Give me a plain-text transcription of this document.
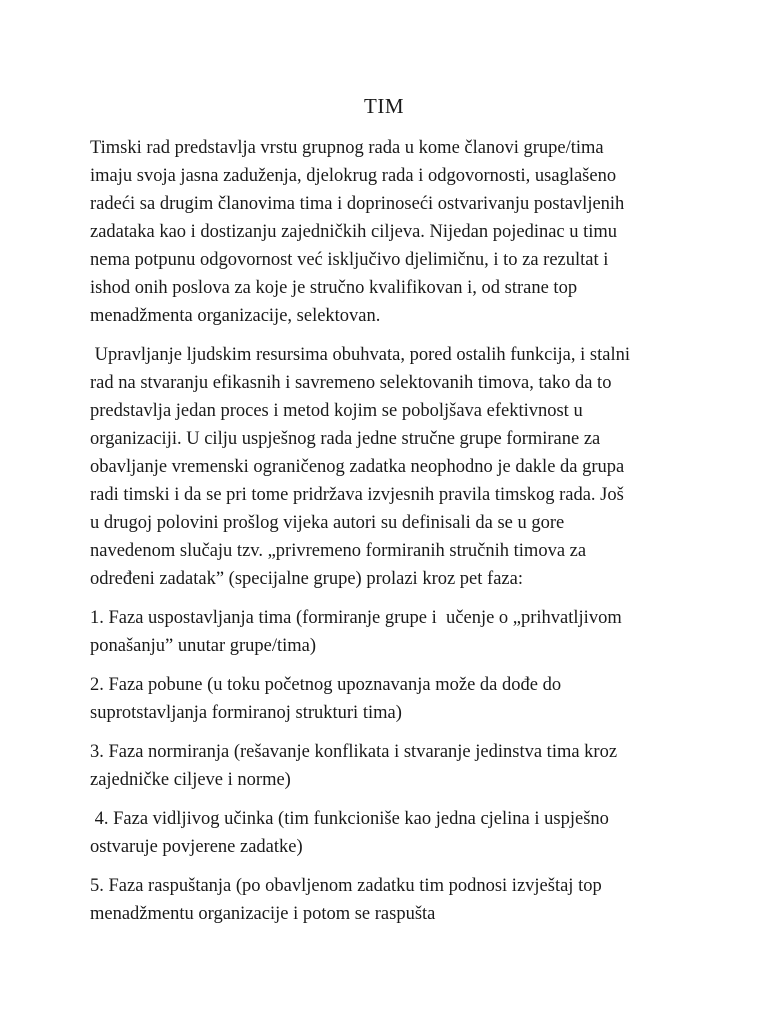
TIM

Timski rad predstavlja vrstu grupnog rada u kome članovi grupe/tima
imaju svoja jasna zaduženja, djelokrug rada i odgovornosti, usaglašeno
radeći sa drugim članovima tima i doprinoseći ostvarivanju postavljenih
zadataka kao i dostizanju zajedničkih ciljeva. Nijedan pojedinac u timu
nema potpunu odgovornost već isključivo djelimičnu, i to za rezultat i
ishod onih poslova za koje je stručno kvalifikovan i, od strane top
menadžmenta organizacije, selektovan.

Upravljanje ljudskim resursima obuhvata, pored ostalih funkcija, i stalni
rad na stvaranju efikasnih i savremeno selektovanih timova, tako da to
predstavlja jedan proces i metod kojim se poboljšava efektivnost u
organizaciji. U cilju uspješnog rada jedne stručne grupe formirane za
obavljanje vremenski ograničenog zadatka neophodno je dakle da grupa
radi timski i da se pri tome pridržava izvjesnih pravila timskog rada. Još
u drugoj polovini prošlog vijeka autori su definisali da se u gore
navedenom slučaju tzv. „privremeno formiranih stručnih timova za
određeni zadatak” (specijalne grupe) prolazi kroz pet faza:

1. Faza uspostavljanja tima (formiranje grupe i  učenje o „prihvatljivom
ponašanju” unutar grupe/tima)

2. Faza pobune (u toku početnog upoznavanja može da dođe do
suprotstavljanja formiranoj strukturi tima)

3. Faza normiranja (rešavanje konflikata i stvaranje jedinstva tima kroz
zajedničke ciljeve i norme)

4. Faza vidljivog učinka (tim funkcioniše kao jedna cjelina i uspješno
ostvaruje povjerene zadatke)

5. Faza raspuštanja (po obavljenom zadatku tim podnosi izvještaj top
menadžmentu organizacije i potom se raspušta
